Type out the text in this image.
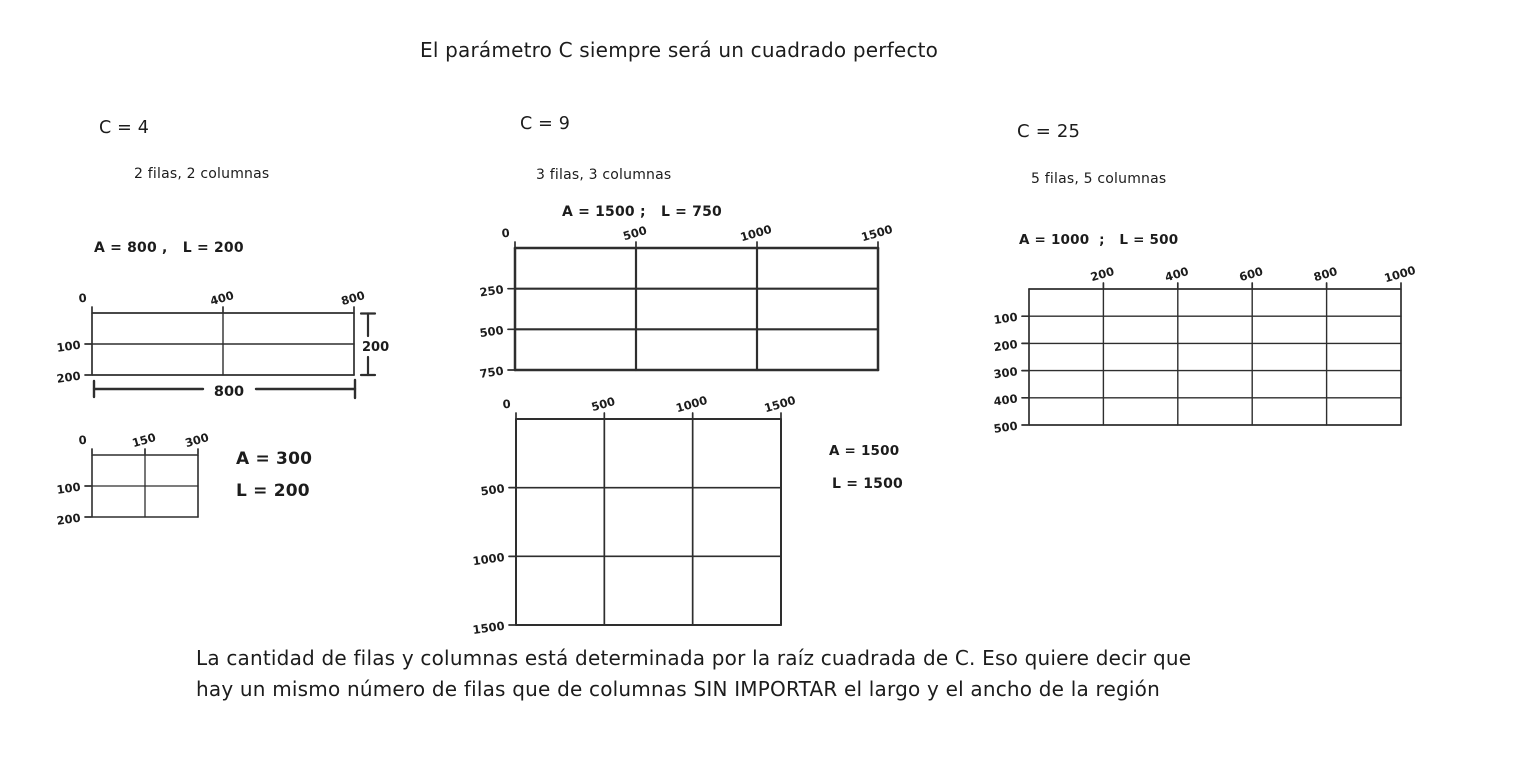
0	400	800
100
200
0	150 300
100
200
0	500	1000	1500
250
500
750
0	500	1000	1500
500
1000
1500
200	400	600	800	1000
100
200
300
400
500
200
800
El parámetro C siempre será un cuadrado perfecto
C = 4
2 filas, 2 columnas
A = 800 ,   L = 200
C = 9
3 filas, 3 columnas
A = 1500 ;   L = 750
C = 25
5 filas, 5 columnas
A = 1000  ;   L = 500
A = 300
L = 200
A = 1500
L = 1500
La cantidad de filas y columnas está determinada por la raíz cuadrada de C. Eso quiere decir que
hay un mismo número de filas que de columnas SIN IMPORTAR el largo y el ancho de la región
